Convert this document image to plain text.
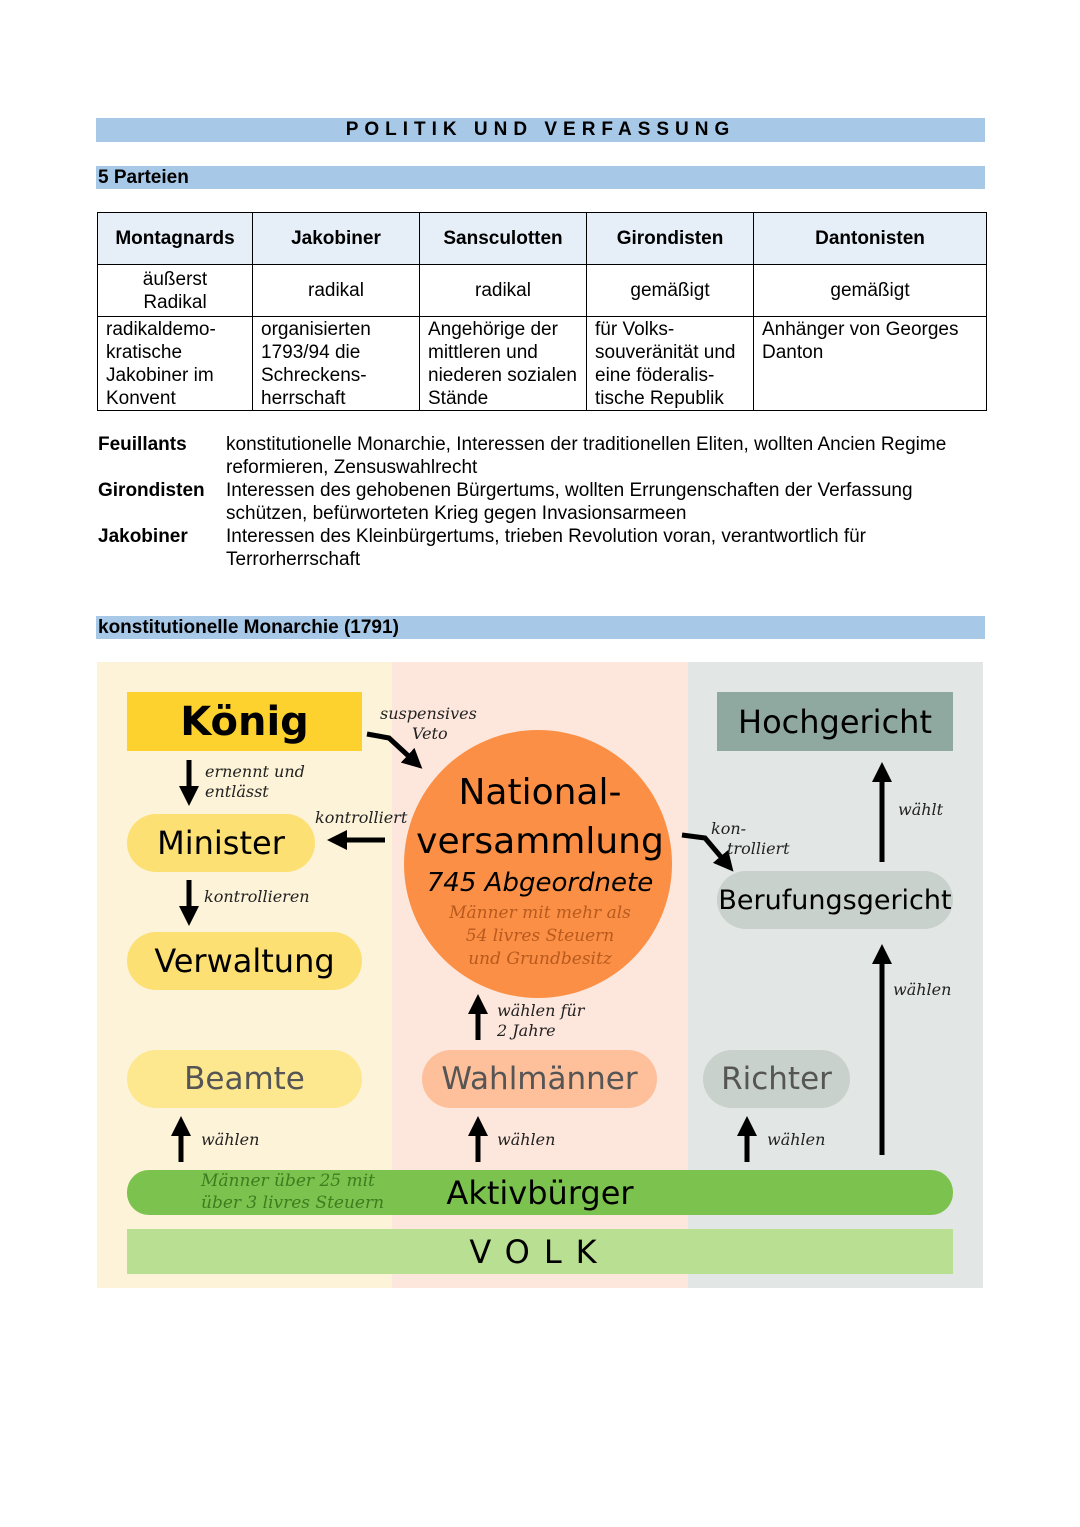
POLITIK UND VERFASSUNG
5 Parteien
Montagnards	Jakobiner	Sansculotten	Girondisten	Dantonisten
äußerst Radikal	radikal	radikal	gemäßigt	gemäßigt
radikaldemo-kratische Jakobiner im Konvent	organisierten 1793/94 die Schreckens-herrschaft	Angehörige der mittleren und niederen sozialen Stände	für Volks-souveränität und eine föderalis-tische Republik	Anhänger von Georges Danton
Feuillants	konstitutionelle Monarchie, Interessen der traditionellen Eliten, wollten Ancien Regime reformieren, Zensuswahlrecht
Girondisten	Interessen des gehobenen Bürgertums, wollten Errungenschaften der Verfassung schützen, befürworteten Krieg gegen Invasionsarmeen
Jakobiner	Interessen des Kleinbürgertums, trieben Revolution voran, verantwortlich für Terrorherrschaft
konstitutionelle Monarchie (1791)
König
ernennt und
entlässt
Minister
kontrolliert
kontrollieren
Verwaltung
Beamte
wählen
suspensives
Veto
National-
versammlung
745 Abgeordnete
Männer mit mehr als
54 livres Steuern
und Grundbesitz
wählen für
2 Jahre
Wahlmänner
wählen
Hochgericht
wählt
kon-
trolliert
Berufungsgericht
wählen
Richter
wählen
Männer über 25 mit
über 3 livres Steuern Aktivbürger
VOLK
